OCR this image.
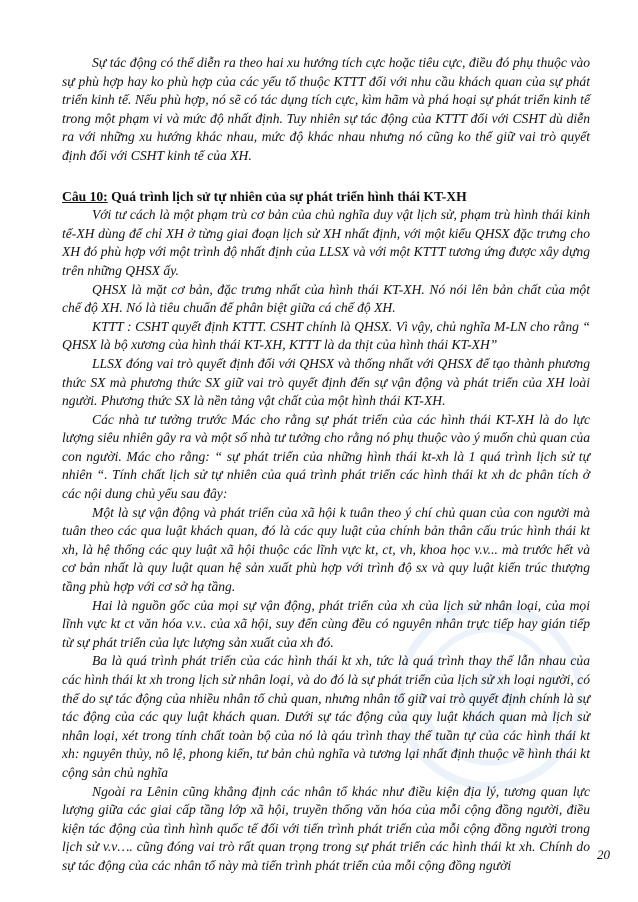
Sự tác động có thể diễn ra theo hai xu hướng tích cực hoặc tiêu cực, điều đó phụ thuộc vào sự phù hợp hay ko phù hợp của các yếu tố thuộc KTTT đối với nhu cầu khách quan của sự phát triển kinh tế. Nếu phù hợp, nó sẽ có tác dụng tích cực, kìm hãm và phá hoại sự phát triển kinh tế trong một phạm vi và mức độ nhất định. Tuy nhiên sự tác động của KTTT đối với CSHT dù diễn ra với những xu hướng khác nhau, mức độ khác nhau nhưng nó cũng ko thể giữ vai trò quyết định đối với CSHT kinh tế của XH.

Câu 10: Quá trình lịch sử tự nhiên của sự phát triển hình thái KT-XH

Với tư cách là một phạm trù cơ bản của chủ nghĩa duy vật lịch sử, phạm trù hình thái kinh tế-XH dùng để chỉ XH ở từng giai đoạn lịch sử XH nhất định, với một kiểu QHSX đặc trưng cho XH đó phù hợp với một trình độ nhất định của LLSX và với một KTTT tương ứng được xây dựng trên những QHSX ấy.

QHSX là mặt cơ bản, đặc trưng nhất của hình thái KT-XH. Nó nói lên bản chất của một chế độ XH. Nó là tiêu chuẩn để phân biệt giữa cá chế độ XH.

KTTT : CSHT quyết định KTTT. CSHT chính là QHSX. Vì vậy, chủ nghĩa M-LN cho rằng “ QHSX là bộ xương của hình thái KT-XH, KTTT là da thịt của hình thái KT-XH”

LLSX đóng vai trò quyết định đối với QHSX và thống nhất với QHSX để tạo thành phương thức SX mà phương thức SX giữ vai trò quyết định đến sự vận động và phát triển của XH loài người. Phương thức SX là nền tảng vật chất của một hình thái KT-XH.

Các nhà tư tưởng trước Mác cho rằng sự phát triển của các hình thái KT-XH là do lực lượng siêu nhiên gây ra và một số nhà tư tưởng cho rằng nó phụ thuộc vào ý muốn chủ quan của con người. Mác cho rằng: “ sự phát triển của những hình thái kt-xh là 1 quá trình lịch sử tự nhiên “. Tính chất lịch sử tự nhiên của quá trình phát triển các hình thái kt xh dc phân tích ở các nội dung chủ yếu sau đây:

Một là sự vận động và phát triển của xã hội k tuân theo ý chí chủ quan của con người mà tuân theo các qua luật khách quan, đó là các quy luật của chính bản thân cấu trúc hình thái kt xh, là hệ thống các quy luật xã hội thuộc các lĩnh vực kt, ct, vh, khoa học v.v... mà trước hết và cơ bản nhất là quy luật quan hệ sản xuất phù hợp với trình độ sx và quy luật kiến trúc thượng tầng phù hợp với cơ sở hạ tầng.

Hai là nguồn gốc của mọi sự vận động, phát triển của xh của lịch sử nhân loại, của mọi lĩnh vực kt ct văn hóa v.v.. của xã hội, suy đến cùng đều có nguyên nhân trực tiếp hay gián tiếp từ sự phát triển của lực lượng sản xuất của xh đó.

Ba là quá trình phát triển của các hình thái kt xh, tức là quá trình thay thế lẫn nhau của các hình thái kt xh trong lịch sử nhân loại, và do đó là sự phát triển của lịch sử xh loại người, có thể do sự tác động của nhiều nhân tố chủ quan, nhưng nhân tố giữ vai trò quyết định chính là sự tác động của các quy luật khách quan. Dưới sự tác động của quy luật khách quan mà lịch sử nhân loại, xét trong tính chất toàn bộ của nó là qáu trình thay thế tuần tự của các hình thái kt xh: nguyên thủy, nô lệ, phong kiến, tư bản chủ nghĩa và tương lại nhất định thuộc về hình thái kt cộng sản chủ nghĩa

Ngoài ra Lênin cũng khẳng định các nhân tố khác như điều kiện địa lý, tương quan lực lượng giữa các giai cấp tầng lớp xã hội, truyền thống văn hóa của mỗi cộng đồng người, điều kiện tác động của tình hình quốc tế đối với tiến trình phát triển của mỗi cộng đồng người trong lịch sử v.v…. cũng đóng vai trò rất quan trọng trong sự phát triển các hình thái kt xh. Chính do sự tác động của các nhân tố này mà tiến trình phát triển của mỗi cộng đồng người

20
